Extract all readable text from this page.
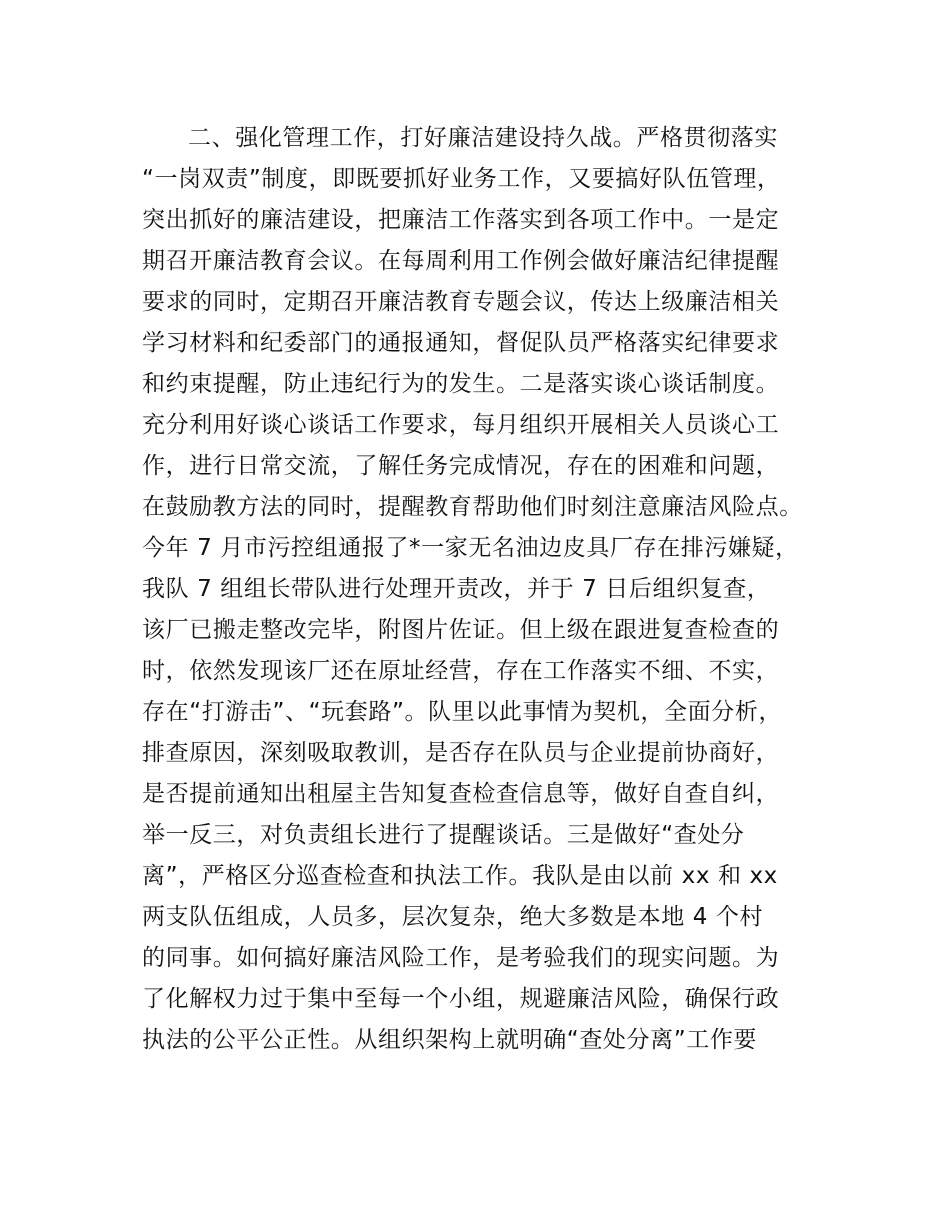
二、强化管理工作，打好廉洁建设持久战。严格贯彻落实
“一岗双责”制度，即既要抓好业务工作，又要搞好队伍管理，
突出抓好的廉洁建设，把廉洁工作落实到各项工作中。一是定
期召开廉洁教育会议。在每周利用工作例会做好廉洁纪律提醒
要求的同时，定期召开廉洁教育专题会议，传达上级廉洁相关
学习材料和纪委部门的通报通知，督促队员严格落实纪律要求
和约束提醒，防止违纪行为的发生。二是落实谈心谈话制度。
充分利用好谈心谈话工作要求，每月组织开展相关人员谈心工
作，进行日常交流，了解任务完成情况，存在的困难和问题，
在鼓励教方法的同时，提醒教育帮助他们时刻注意廉洁风险点。
今年 7 月市污控组通报了*一家无名油边皮具厂存在排污嫌疑，
我队 7 组组长带队进行处理开责改，并于 7 日后组织复查，
该厂已搬走整改完毕，附图片佐证。但上级在跟进复查检查的
时，依然发现该厂还在原址经营，存在工作落实不细、不实，
存在“打游击”、“玩套路”。队里以此事情为契机，全面分析，
排查原因，深刻吸取教训，是否存在队员与企业提前协商好，
是否提前通知出租屋主告知复查检查信息等，做好自查自纠，
举一反三，对负责组长进行了提醒谈话。三是做好“查处分
离”，严格区分巡查检查和执法工作。我队是由以前 xx 和 xx
两支队伍组成，人员多，层次复杂，绝大多数是本地 4 个村
的同事。如何搞好廉洁风险工作，是考验我们的现实问题。为
了化解权力过于集中至每一个小组，规避廉洁风险，确保行政
执法的公平公正性。从组织架构上就明确“查处分离”工作要
